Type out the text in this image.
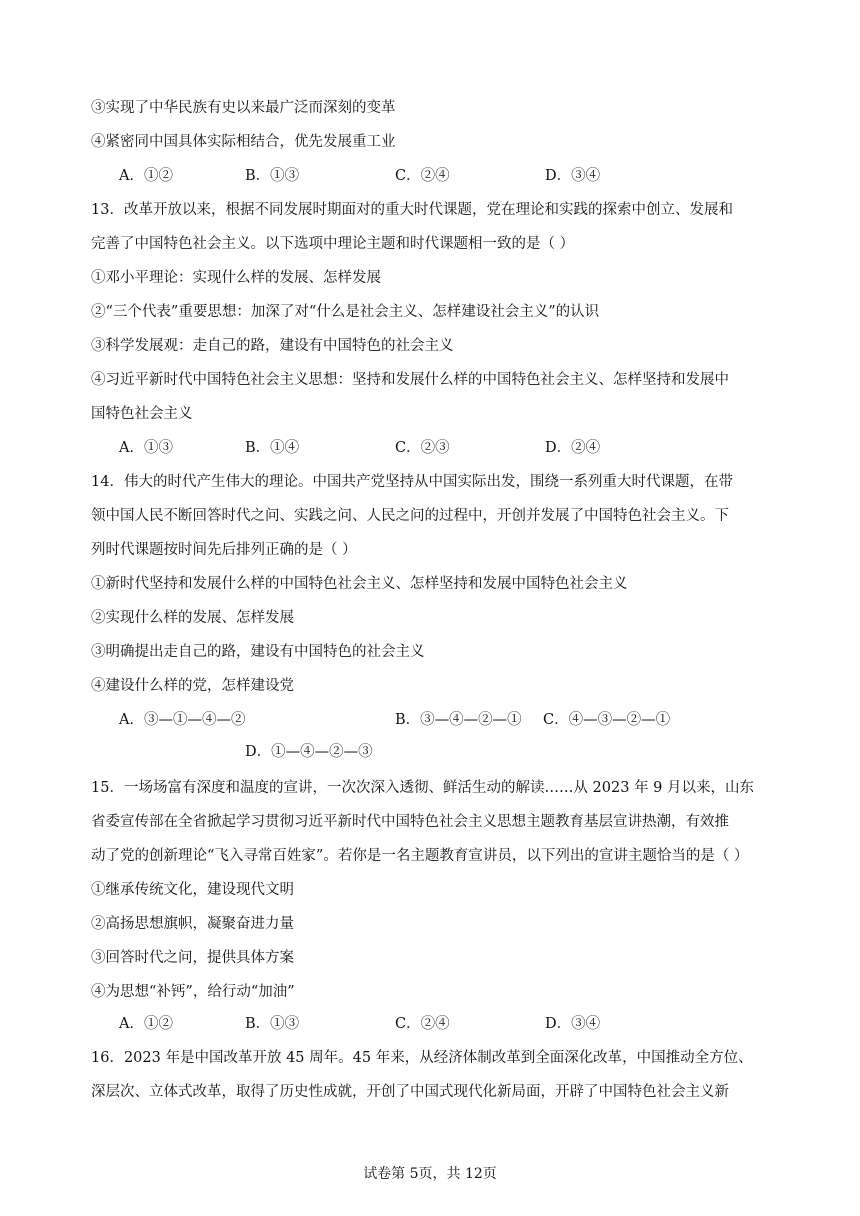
③实现了中华民族有史以来最广泛而深刻的变革
④紧密同中国具体实际相结合，优先发展重工业
A．①②	B．①③	C．②④	D．③④
13．改革开放以来，根据不同发展时期面对的重大时代课题，党在理论和实践的探索中创立、发展和
完善了中国特色社会主义。以下选项中理论主题和时代课题相一致的是（ ）
①邓小平理论：实现什么样的发展、怎样发展
②“三个代表”重要思想：加深了对“什么是社会主义、怎样建设社会主义”的认识
③科学发展观：走自己的路，建设有中国特色的社会主义
④习近平新时代中国特色社会主义思想：坚持和发展什么样的中国特色社会主义、怎样坚持和发展中
国特色社会主义
A．①③	B．①④	C．②③	D．②④
14．伟大的时代产生伟大的理论。中国共产党坚持从中国实际出发，围绕一系列重大时代课题，在带
领中国人民不断回答时代之问、实践之问、人民之问的过程中，开创并发展了中国特色社会主义。下
列时代课题按时间先后排列正确的是（ ）
①新时代坚持和发展什么样的中国特色社会主义、怎样坚持和发展中国特色社会主义
②实现什么样的发展、怎样发展
③明确提出走自己的路，建设有中国特色的社会主义
④建设什么样的党，怎样建设党
A．③—①—④—②	B．③—④—②—① C．④—③—②—①
D．①—④—②—③
15．一场场富有深度和温度的宣讲，一次次深入透彻、鲜活生动的解读……从 2023 年 9 月以来，山东
省委宣传部在全省掀起学习贯彻习近平新时代中国特色社会主义思想主题教育基层宣讲热潮，有效推
动了党的创新理论“飞入寻常百姓家”。若你是一名主题教育宣讲员，以下列出的宣讲主题恰当的是（ ）
①继承传统文化，建设现代文明
②高扬思想旗帜，凝聚奋进力量
③回答时代之问，提供具体方案
④为思想“补钙”，给行动“加油”
A．①②	B．①③	C．②④	D．③④
16．2023 年是中国改革开放 45 周年。45 年来，从经济体制改革到全面深化改革，中国推动全方位、
深层次、立体式改革，取得了历史性成就，开创了中国式现代化新局面，开辟了中国特色社会主义新
试卷第 5页，共 12页
